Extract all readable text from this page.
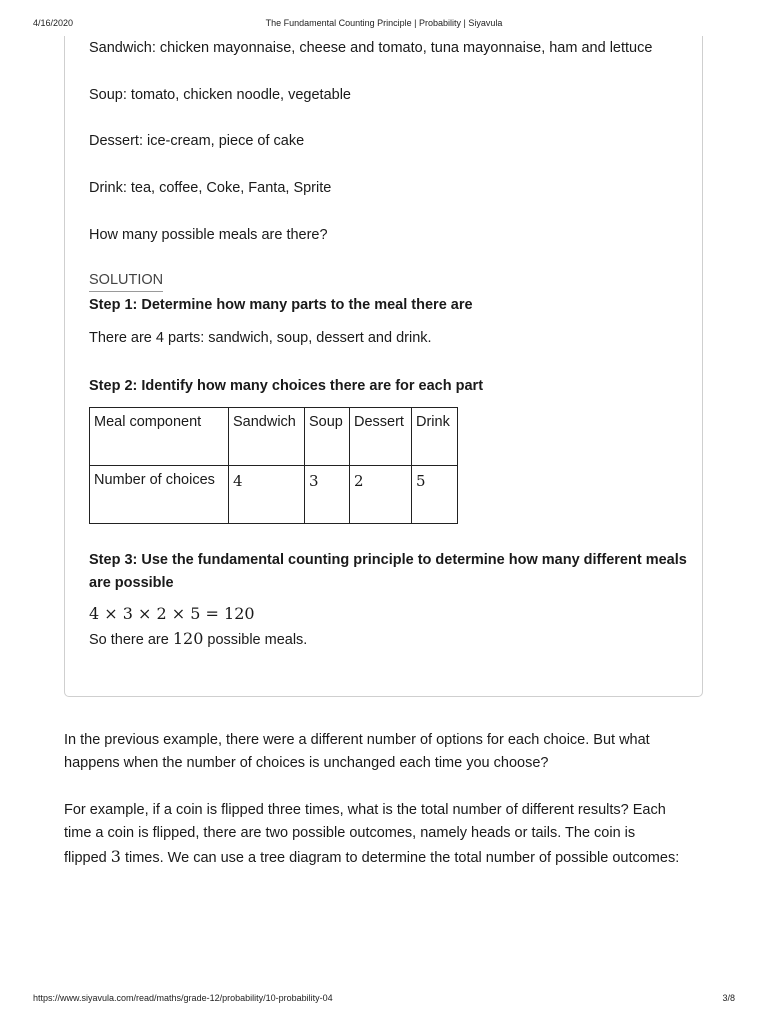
4/16/2020	The Fundamental Counting Principle | Probability | Siyavula
Sandwich: chicken mayonnaise, cheese and tomato, tuna mayonnaise, ham and lettuce
Soup: tomato, chicken noodle, vegetable
Dessert: ice-cream, piece of cake
Drink: tea, coffee, Coke, Fanta, Sprite
How many possible meals are there?
SOLUTION
Step 1: Determine how many parts to the meal there are
There are 4 parts: sandwich, soup, dessert and drink.
Step 2: Identify how many choices there are for each part
Meal component	Sandwich	Soup	Dessert	Drink
Number of choices	4	3	2	5
Step 3: Use the fundamental counting principle to determine how many different meals
are possible
4 × 3 × 2 × 5 = 120
So there are 120 possible meals.
In the previous example, there were a different number of options for each choice. But what
happens when the number of choices is unchanged each time you choose?
For example, if a coin is flipped three times, what is the total number of different results? Each
time a coin is flipped, there are two possible outcomes, namely heads or tails. The coin is
flipped 3 times. We can use a tree diagram to determine the total number of possible outcomes:
https://www.siyavula.com/read/maths/grade-12/probability/10-probability-04	3/8
